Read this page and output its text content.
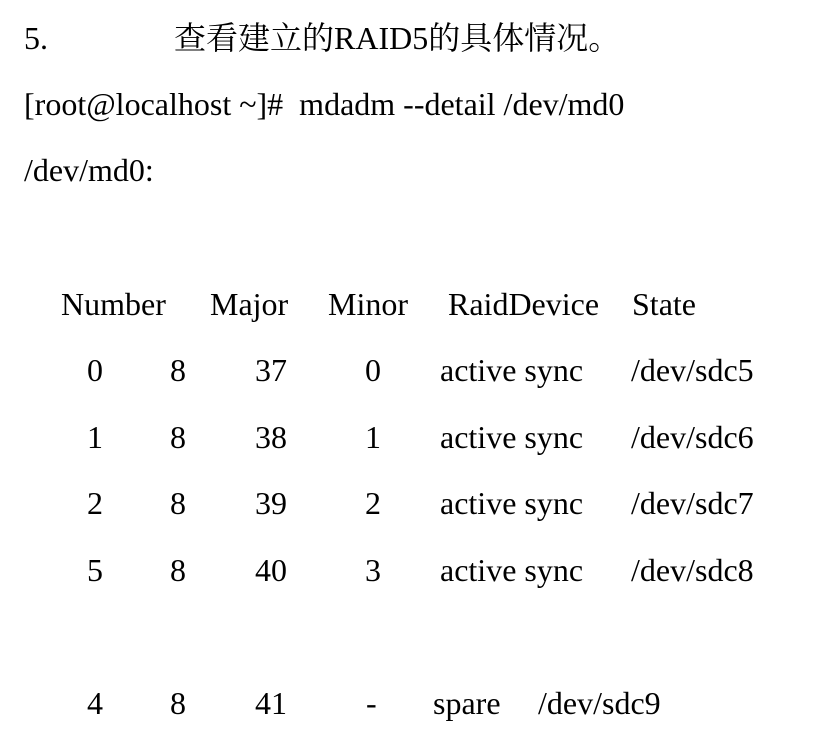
5.

	查看建立的RAID5的具体情况。

[root@localhost ~]#  mdadm --detail /dev/md0
/dev/md0:
Number Major Minor RaidDevice State
0 8 37 0 active sync /dev/sdc5
1 8 38 1 active sync /dev/sdc6
2 8 39 2 active sync /dev/sdc7
5 8 40 3 active sync /dev/sdc8
4 8 41 - spare /dev/sdc9
